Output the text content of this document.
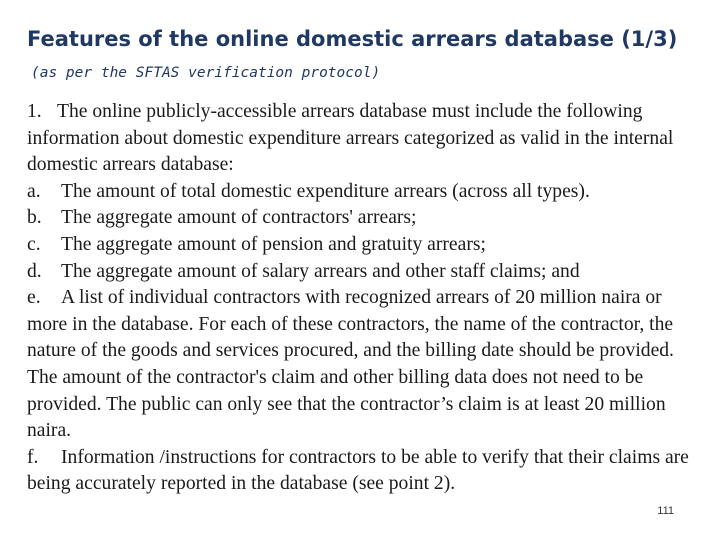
Features of the online domestic arrears database (1/3)(as per the SFTAS verification protocol)

1. The online publicly-accessible arrears database must include the following information about domestic expenditure arrears categorized as valid in the internal domestic arrears database:

a. The amount of total domestic expenditure arrears (across all types).

b. The aggregate amount of contractors' arrears;

c. The aggregate amount of pension and gratuity arrears;

d. The aggregate amount of salary arrears and other staff claims; and

e. A list of individual contractors with recognized arrears of 20 million naira or more in the database. For each of these contractors, the name of the contractor, the nature of the goods and services procured, and the billing date should be provided. The amount of the contractor's claim and other billing data does not need to be provided. The public can only see that the contractor’s claim is at least 20 million naira.

f. Information /instructions for contractors to be able to verify that their claims are being accurately reported in the database (see point 2).

111
